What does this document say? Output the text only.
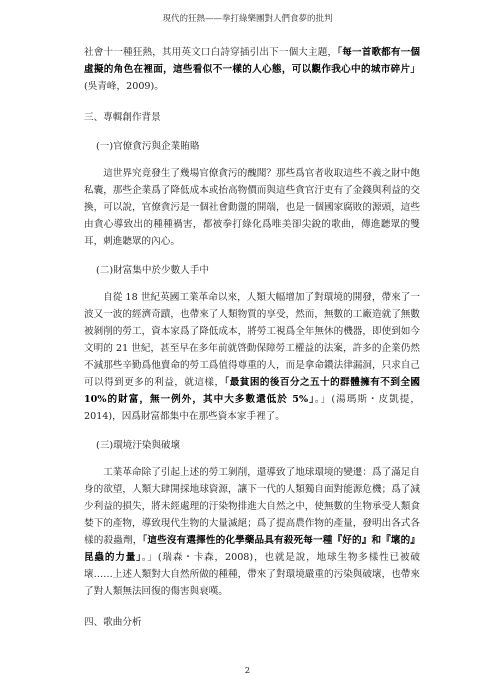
現代的狂熱——拳打綠樂團對人們食夢的批判

社會十一種狂熱，其用英文口白詩穿插引出下一個大主題，「每一首歌都有一個虛擬的角色在裡面，這些看似不一樣的人心態，可以觀作我心中的城市碎片」(吳青峰，2009)。

三、專輯創作背景
(一)官僚貪污與企業賄賂

這世界究竟發生了幾場官僚貪污的醜聞？那些爲官者收取這些不義之財中飽私囊，那些企業爲了降低成本或抬高物價而與這些貪官汙吏有了金錢與利益的交換，可以說，官僚貪污是一個社會動盪的開端，也是一個國家腐敗的源頭，這些由貪心導致出的種種禍害，都被拳打綠化爲唯美卻尖銳的歌曲，傳進聽眾的雙耳，刺進聽眾的內心。

(二)財富集中於少數人手中

自從 18 世紀英國工業革命以來，人類大幅增加了對環境的開發，帶來了一波又一波的經濟奇蹟，也帶來了人類物質的享受，然而，無數的工廠造就了無數被剝削的勞工，資本家爲了降低成本，將勞工視爲全年無休的機器，即使到如今文明的 21 世紀，甚至早在多年前就啓動保障勞工權益的法案，許多的企業仍然不減那些辛勤爲他賣命的勞工爲值得尊重的人，而是拿命鑽法律漏洞，只求自己可以得到更多的利益，就這樣，「最貧困的後百分之五十的群體擁有不到全國 10%的財富，無一例外，其中大多數還低於 5%」。」(湯瑪斯・皮凱提，2014)，因爲財富都集中在那些資本家手裡了。

(三)環境汙染與破壞

工業革命除了引起上述的勞工剝削，還導致了地球環境的變遷：爲了滿足自身的欲望，人類大肆開採地球資源，讓下一代的人類獨自面對能源危機；爲了減少利益的損失，將未經處理的汙染物排進大自然之中，使無數的生物承受人類食婪下的產物，導致現代生物的大量滅絕；爲了提高農作物的產量，發明出各式各樣的殺蟲劑，「這些沒有選擇性的化學藥品具有殺死每一種『好的』和『壞的』昆蟲的力量」。」(瑞森・卡森，2008)，也就是說，地球生物多樣性已被破壞……上述人類對大自然所做的種種，帶來了對環境嚴重的污染與破壞，也帶來了對人類無法回復的傷害與衰嘆。

四、歌曲分析
2
